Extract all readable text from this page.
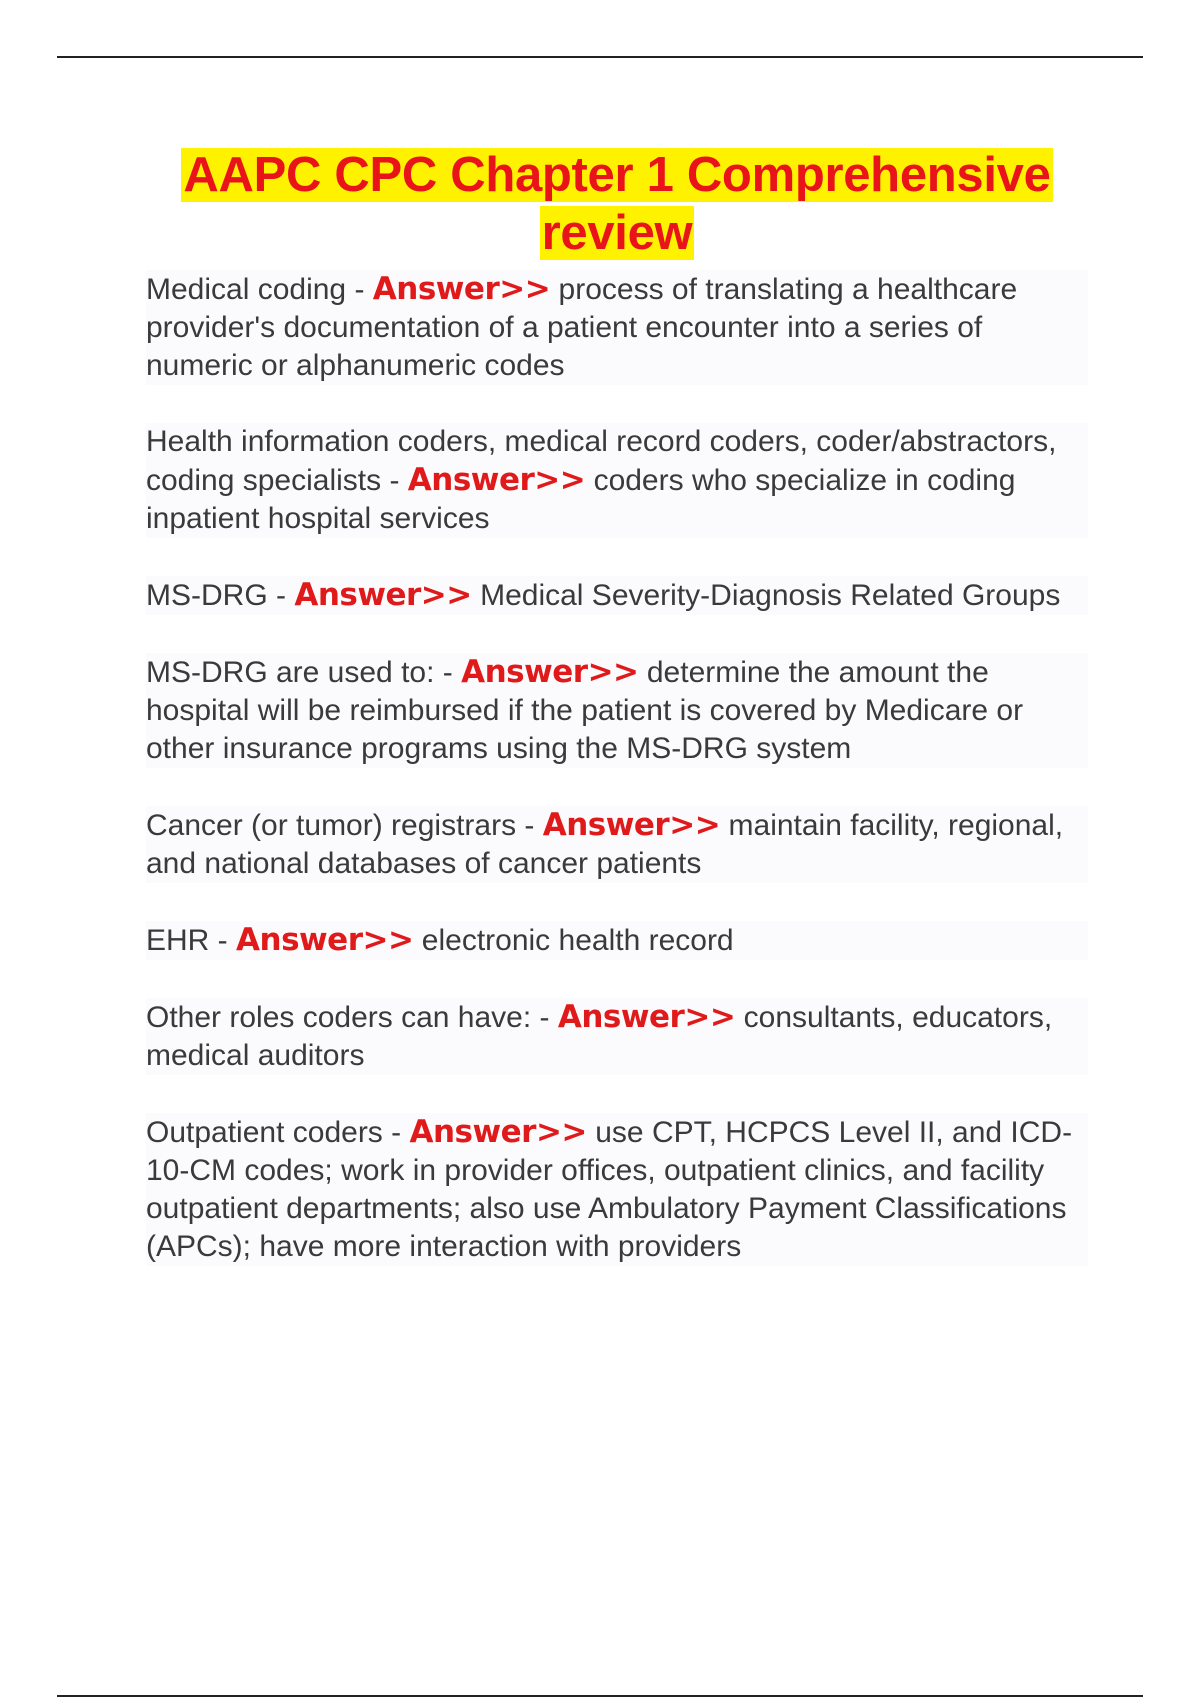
AAPC CPC Chapter 1 Comprehensive review

Medical coding - Answer>> process of translating a healthcare provider's documentation of a patient encounter into a series of numeric or alphanumeric codes

Health information coders, medical record coders, coder/abstractors, coding specialists - Answer>> coders who specialize in coding inpatient hospital services

MS-DRG - Answer>> Medical Severity-Diagnosis Related Groups

MS-DRG are used to: - Answer>> determine the amount the hospital will be reimbursed if the patient is covered by Medicare or other insurance programs using the MS-DRG system

Cancer (or tumor) registrars - Answer>> maintain facility, regional, and national databases of cancer patients

EHR - Answer>> electronic health record

Other roles coders can have: - Answer>> consultants, educators, medical auditors

Outpatient coders - Answer>> use CPT, HCPCS Level II, and ICD-10-CM codes; work in provider offices, outpatient clinics, and facility outpatient departments; also use Ambulatory Payment Classifications (APCs); have more interaction with providers
